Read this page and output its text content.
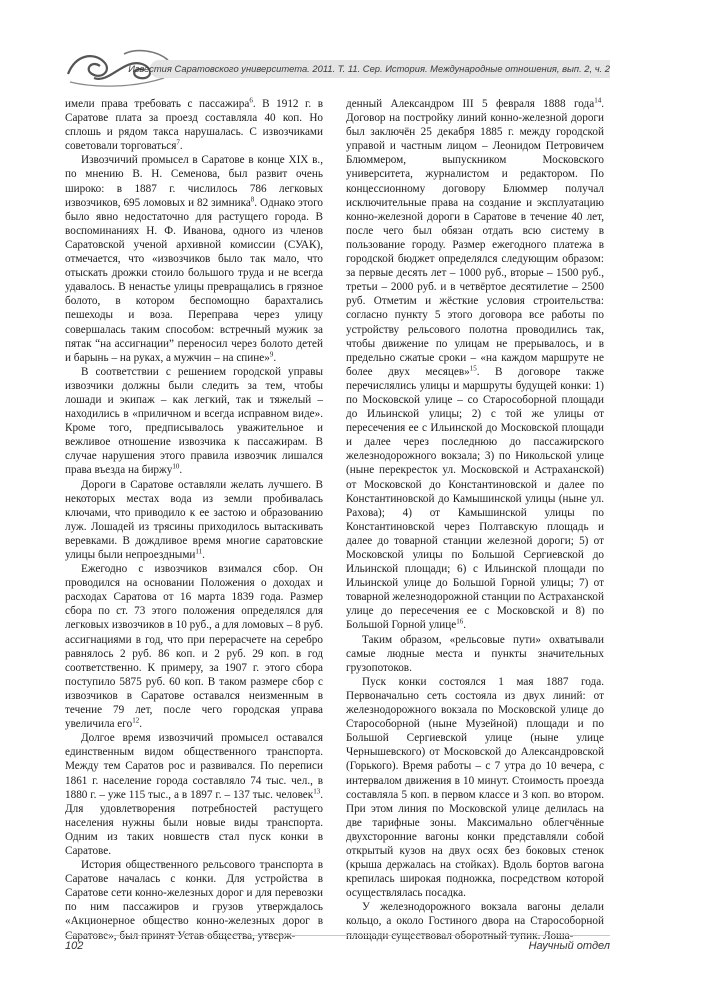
Известия Саратовского университета. 2011. Т. 11. Сер. История. Международные отношения, вып. 2, ч. 2

имели права требовать с пассажира$^6$. В 1912 г. в Саратове плата за проезд составляла 40 коп. Но сплошь и рядом такса нарушалась. С извозчиками советовали торговаться$^7$.

Извозчичий промысел в Саратове в конце XIX в., по мнению В. Н. Семенова, был развит очень широко: в 1887 г. числилось 786 легковых извозчиков, 695 ломовых и 82 зимника$^8$. Однако этого было явно недостаточно для растущего города. В воспоминаниях Н. Ф. Иванова, одного из членов Саратовской ученой архивной комиссии (СУАК), отмечается, что «извозчиков было так мало, что отыскать дрожки стоило большого труда и не всегда удавалось. В ненастье улицы превращались в грязное болото, в котором беспомощно барахтались пешеходы и воза. Переправа через улицу совершалась таким способом: встречный мужик за пятак “на ассигнации” переносил через болото детей и барынь – на руках, а мужчин – на спине»$^9$.

В соответствии с решением городской управы извозчики должны были следить за тем, чтобы лошади и экипаж – как легкий, так и тяжелый – находились в «приличном и всегда исправном виде». Кроме того, предписывалось уважительное и вежливое отношение извозчика к пассажирам. В случае нарушения этого правила извозчик лишался права въезда на биржу$^{10}$.

Дороги в Саратове оставляли желать лучшего. В некоторых местах вода из земли пробивалась ключами, что приводило к ее застою и образованию луж. Лошадей из трясины приходилось вытаскивать веревками. В дождливое время многие саратовские улицы были непроездными$^{11}$.

Ежегодно с извозчиков взимался сбор. Он проводился на основании Положения о доходах и расходах Саратова от 16 марта 1839 года. Размер сбора по ст. 73 этого положения определялся для легковых извозчиков в 10 руб., а для ломовых – 8 руб. ассигнациями в год, что при перерасчете на серебро равнялось 2 руб. 86 коп. и 2 руб. 29 коп. в год соответственно. К примеру, за 1907 г. этого сбора поступило 5875 руб. 60 коп. В таком размере сбор с извозчиков в Саратове оставался неизменным в течение 79 лет, после чего городская управа увеличила его$^{12}$.

Долгое время извозчичий промысел оставался единственным видом общественного транспорта. Между тем Саратов рос и развивался. По переписи 1861 г. население города составляло 74 тыс. чел., в 1880 г. – уже 115 тыс., а в 1897 г. – 137 тыс. человек$^{13}$. Для удовлетворения потребностей растущего населения нужны были новые виды транспорта. Одним из таких новшеств стал пуск конки в Саратове.

История общественного рельсового транспорта в Саратове началась с конки. Для устройства в Саратове сети конно-железных дорог и для перевозки по ним пассажиров и грузов утверждалось «Акционерное общество конно-железных дорог в

денный Александром III 5 февраля 1888 года$^{14}$. Договор на постройку линий конно-железной дороги был заключён 25 декабря 1885 г. между городской управой и частным лицом – Леонидом Петровичем Блюммером, выпускником Московского университета, журналистом и редактором. По концессионному договору Блюммер получал исключительные права на создание и эксплуатацию конно-железной дороги в Саратове в течение 40 лет, после чего был обязан отдать всю систему в пользование городу. Размер ежегодного платежа в городской бюджет определялся следующим образом: за первые десять лет – 1000 руб., вторые – 1500 руб., третьи – 2000 руб. и в четвёртое десятилетие – 2500 руб. Отметим и жёсткие условия строительства: согласно пункту 5 этого договора все работы по устройству рельсового полотна проводились так, чтобы движение по улицам не прерывалось, и в предельно сжатые сроки – «на каждом маршруте не более двух месяцев»$^{15}$. В договоре также перечислялись улицы и маршруты будущей конки: 1) по Московской улице – со Старособорной площади до Ильинской улицы; 2) с той же улицы от пересечения ее с Ильинской до Московской площади и далее через последнюю до пассажирского железнодорожного вокзала; 3) по Никольской улице (ныне перекресток ул. Московской и Астраханской) от Московской до Константиновской и далее по Константиновской до Камышинской улицы (ныне ул. Рахова); 4) от Камышинской улицы по Константиновской через Полтавскую площадь и далее до товарной станции железной дороги; 5) от Московской улицы по Большой Сергиевской до Ильинской площади; 6) с Ильинской площади по Ильинской улице до Большой Горной улицы; 7) от товарной железнодорожной станции по Астраханской улице до пересечения ее с Московской и 8) по Большой Горной улице$^{16}$.

Таким образом, «рельсовые пути» охватывали самые людные места и пункты значительных грузопотоков.

Пуск конки состоялся 1 мая 1887 года. Первоначально сеть состояла из двух линий: от железнодорожного вокзала по Московской улице до Старособорной (ныне Музейной) площади и по Большой Сергиевской улице (ныне улице Чернышевского) от Московской до Александровской (Горького). Время работы – с 7 утра до 10 вечера, с интервалом движения в 10 минут. Стоимость проезда составляла 5 коп. в первом классе и 3 коп. во втором. При этом линия по Московской улице делилась на две тарифные зоны. Максимально облегчённые двухсторонние вагоны конки представляли собой открытый кузов на двух осях без боковых стенок (крыша держалась на стойках). Вдоль бортов вагона крепилась широкая подножка, посредством которой осуществлялась посадка.

У железнодорожного вокзала вагоны делали кольцо, а около Гостиного двора на Старособорной

102	Научный отдел
